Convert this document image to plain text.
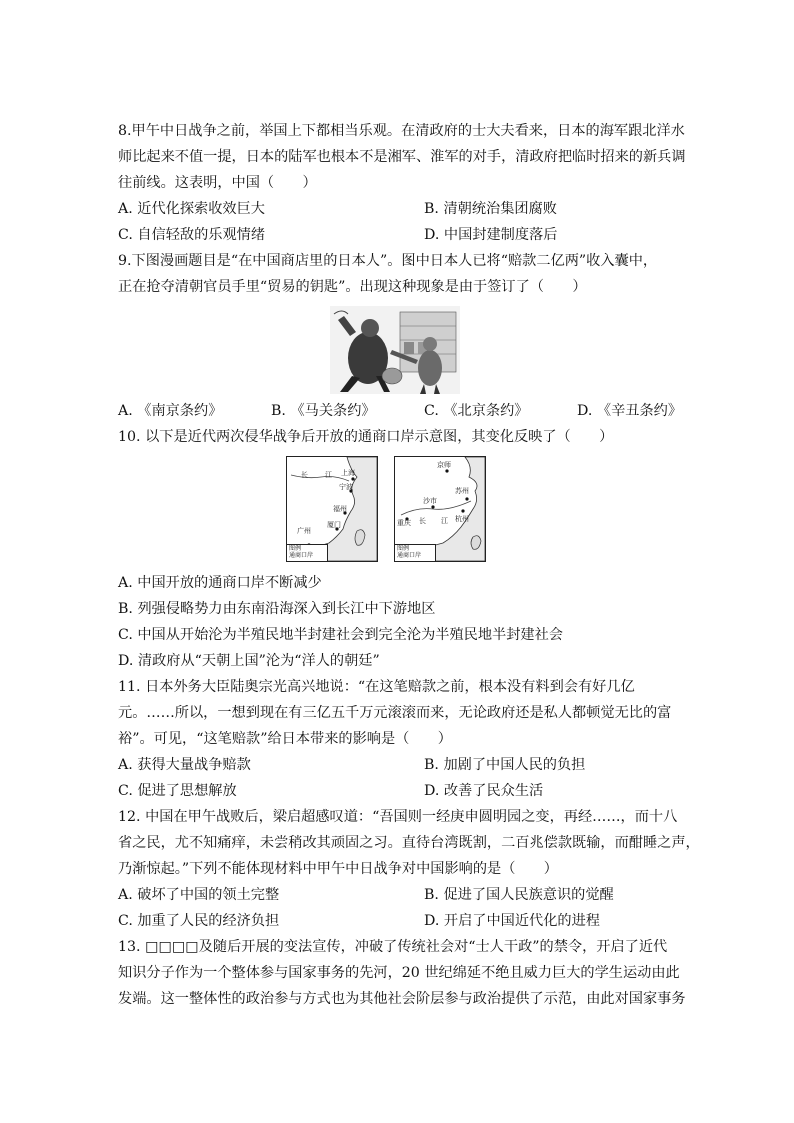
8.甲午中日战争之前，举国上下都相当乐观。在清政府的士大夫看来，日本的海军跟北洋水
师比起来不值一提，日本的陆军也根本不是湘军、淮军的对手，清政府把临时招来的新兵调
往前线。这表明，中国（　　）
A. 近代化探索收效巨大	B. 清朝统治集团腐败
C. 自信轻敌的乐观情绪	D. 中国封建制度落后
9.下图漫画题目是“在中国商店里的日本人”。图中日本人已将“赔款二亿两”收入囊中，
正在抢夺清朝官员手里“贸易的钥匙”。出现这种现象是由于签订了（　　）
A. 《南京条约》	B. 《马关条约》	C. 《北京条约》	D. 《辛丑条约》
10. 以下是近代两次侵华战争后开放的通商口岸示意图，其变化反映了（　　）
长 江 上海
宁波
福州
厦门
广州
图例
通商口岸
京师
苏州
沙市
重庆 长 江 杭州
图例
通商口岸
A. 中国开放的通商口岸不断减少
B. 列强侵略势力由东南沿海深入到长江中下游地区
C. 中国从开始沦为半殖民地半封建社会到完全沦为半殖民地半封建社会
D. 清政府从“天朝上国”沦为“洋人的朝廷”
11. 日本外务大臣陆奥宗光高兴地说：“在这笔赔款之前，根本没有料到会有好几亿
元。……所以，一想到现在有三亿五千万元滚滚而来，无论政府还是私人都顿觉无比的富
裕”。可见，“这笔赔款”给日本带来的影响是（　　）
A. 获得大量战争赔款	B. 加剧了中国人民的负担
C. 促进了思想解放	D. 改善了民众生活
12. 中国在甲午战败后，梁启超感叹道：“吾国则一经庚申圆明园之变，再经……，而十八
省之民，尤不知痛痒，未尝稍改其顽固之习。直待台湾既割，二百兆偿款既输，而酣睡之声，
乃渐惊起。”下列不能体现材料中甲午中日战争对中国影响的是（　　）
A. 破坏了中国的领土完整	B. 促进了国人民族意识的觉醒
C. 加重了人民的经济负担	D. 开启了中国近代化的进程
13. □□□□及随后开展的变法宣传，冲破了传统社会对“士人干政”的禁令，开启了近代
知识分子作为一个整体参与国家事务的先河，20 世纪绵延不绝且威力巨大的学生运动由此
发端。这一整体性的政治参与方式也为其他社会阶层参与政治提供了示范，由此对国家事务
